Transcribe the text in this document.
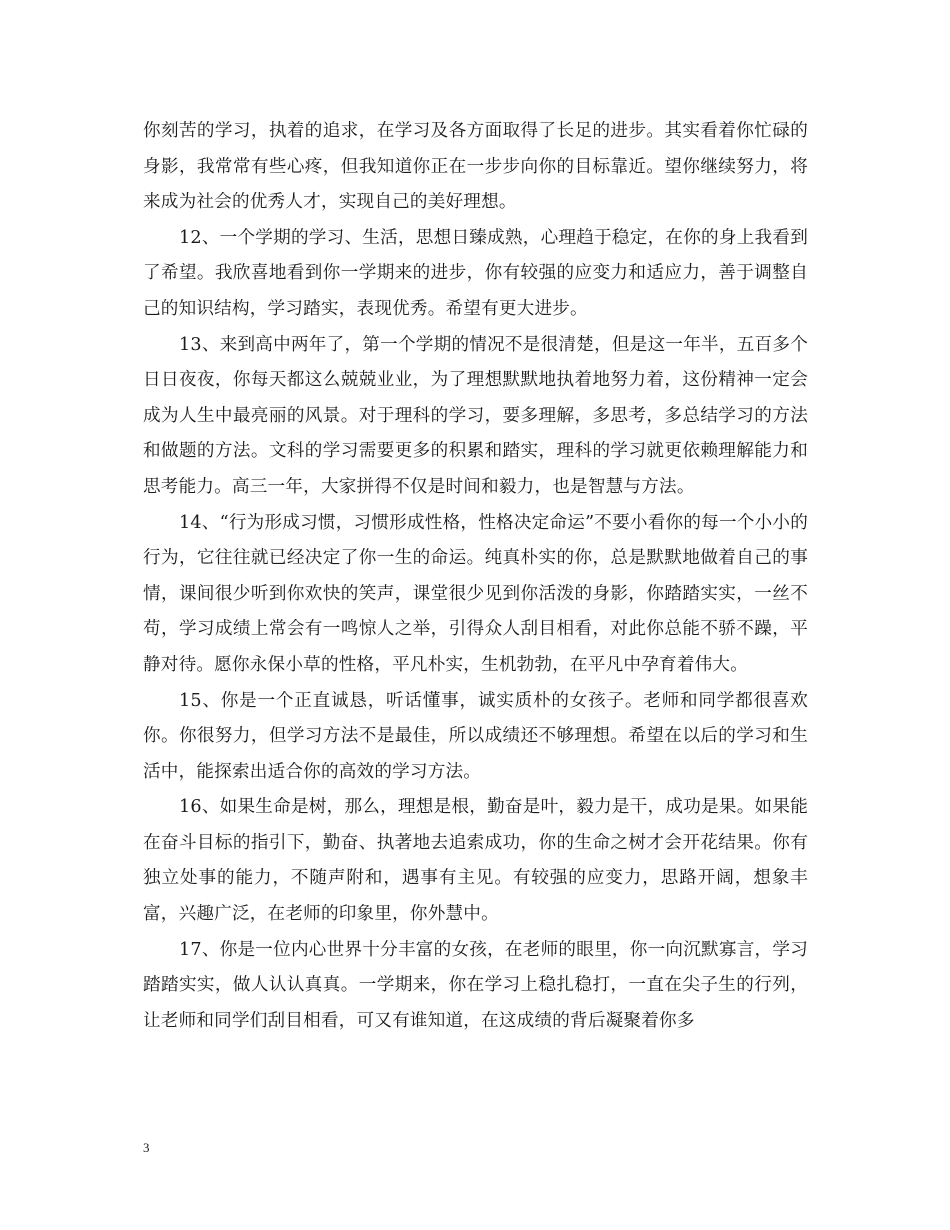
你刻苦的学习，执着的追求，在学习及各方面取得了长足的进步。其实看着你忙碌的身影，我常常有些心疼，但我知道你正在一步步向你的目标靠近。望你继续努力，将来成为社会的优秀人才，实现自己的美好理想。

12、一个学期的学习、生活，思想日臻成熟，心理趋于稳定，在你的身上我看到了希望。我欣喜地看到你一学期来的进步，你有较强的应变力和适应力，善于调整自己的知识结构，学习踏实，表现优秀。希望有更大进步。

13、来到高中两年了，第一个学期的情况不是很清楚，但是这一年半，五百多个日日夜夜，你每天都这么兢兢业业，为了理想默默地执着地努力着，这份精神一定会成为人生中最亮丽的风景。对于理科的学习，要多理解，多思考，多总结学习的方法和做题的方法。文科的学习需要更多的积累和踏实，理科的学习就更依赖理解能力和思考能力。高三一年，大家拼得不仅是时间和毅力，也是智慧与方法。

14、“行为形成习惯，习惯形成性格，性格决定命运”不要小看你的每一个小小的行为，它往往就已经决定了你一生的命运。纯真朴实的你，总是默默地做着自己的事情，课间很少听到你欢快的笑声，课堂很少见到你活泼的身影，你踏踏实实，一丝不苟，学习成绩上常会有一鸣惊人之举，引得众人刮目相看，对此你总能不骄不躁，平静对待。愿你永保小草的性格，平凡朴实，生机勃勃，在平凡中孕育着伟大。

15、你是一个正直诚恳，听话懂事，诚实质朴的女孩子。老师和同学都很喜欢你。你很努力，但学习方法不是最佳，所以成绩还不够理想。希望在以后的学习和生活中，能探索出适合你的高效的学习方法。

16、如果生命是树，那么，理想是根，勤奋是叶，毅力是干，成功是果。如果能在奋斗目标的指引下，勤奋、执著地去追索成功，你的生命之树才会开花结果。你有独立处事的能力，不随声附和，遇事有主见。有较强的应变力，思路开阔，想象丰富，兴趣广泛，在老师的印象里，你外慧中。

17、你是一位内心世界十分丰富的女孩，在老师的眼里，你一向沉默寡言，学习踏踏实实，做人认认真真。一学期来，你在学习上稳扎稳打，一直在尖子生的行列，让老师和同学们刮目相看，可又有谁知道，在这成绩的背后凝聚着你多

3
